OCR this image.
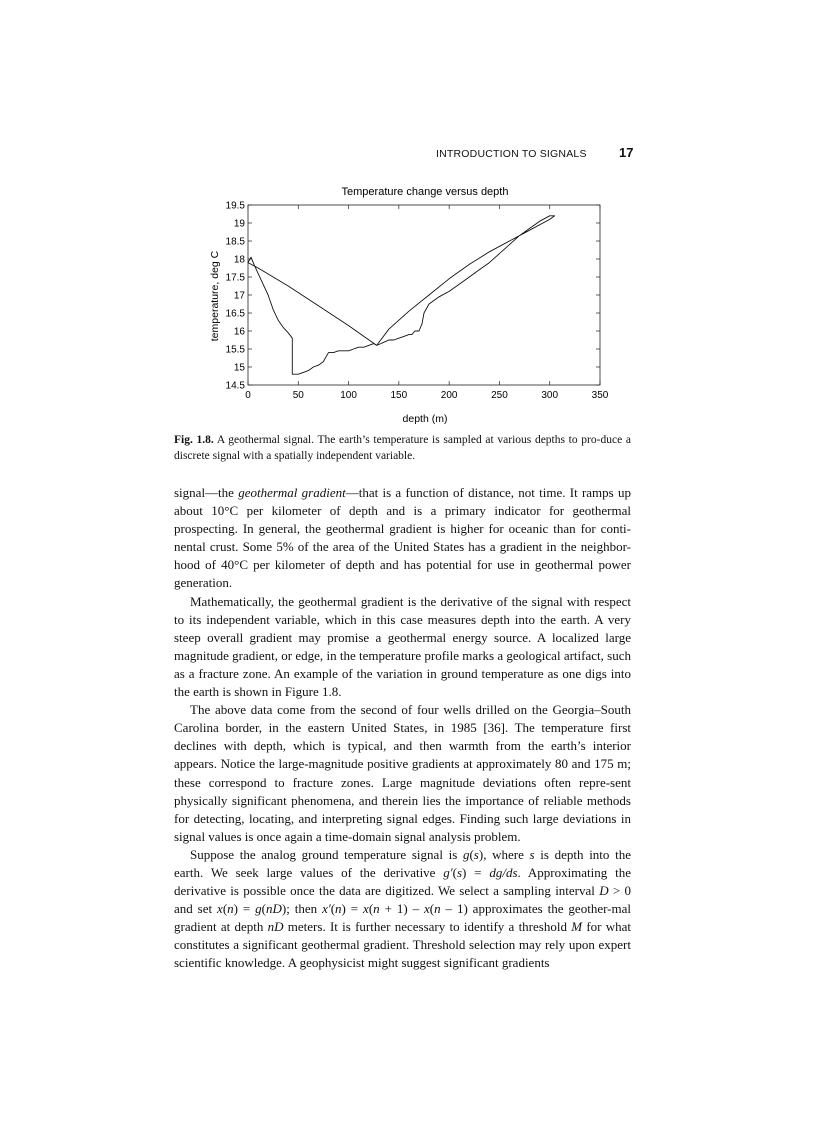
INTRODUCTION TO SIGNALS 17
Temperature change versus depth
0	50	100	150	200	250	300	350
14.5
15
15.5
16
16.5
17
17.5
18
18.5
19
19.5
depth (m)
temperature, deg C
Fig. 1.8. A geothermal signal. The earth’s temperature is sampled at various depths to pro-duce a discrete signal with a spatially independent variable.

signal—the geothermal gradient—that is a function of distance, not time. It ramps up about 10°C per kilometer of depth and is a primary indicator for geothermal prospecting. In general, the geothermal gradient is higher for oceanic than for conti-nental crust. Some 5% of the area of the United States has a gradient in the neighbor-hood of 40°C per kilometer of depth and has potential for use in geothermal power generation.

Mathematically, the geothermal gradient is the derivative of the signal with respect to its independent variable, which in this case measures depth into the earth. A very steep overall gradient may promise a geothermal energy source. A localized large magnitude gradient, or edge, in the temperature profile marks a geological artifact, such as a fracture zone. An example of the variation in ground temperature as one digs into the earth is shown in Figure 1.8.

The above data come from the second of four wells drilled on the Georgia–South Carolina border, in the eastern United States, in 1985 [36]. The temperature first declines with depth, which is typical, and then warmth from the earth’s interior appears. Notice the large-magnitude positive gradients at approximately 80 and 175 m; these correspond to fracture zones. Large magnitude deviations often repre-sent physically significant phenomena, and therein lies the importance of reliable methods for detecting, locating, and interpreting signal edges. Finding such large deviations in signal values is once again a time-domain signal analysis problem.

Suppose the analog ground temperature signal is g(s), where s is depth into the earth. We seek large values of the derivative g′(s) = dg/ds. Approximating the derivative is possible once the data are digitized. We select a sampling interval D > 0 and set x(n) = g(nD); then x′(n) = x(n + 1) – x(n – 1) approximates the geother-mal gradient at depth nD meters. It is further necessary to identify a threshold M for what constitutes a significant geothermal gradient. Threshold selection may rely upon expert scientific knowledge. A geophysicist might suggest significant gradients
